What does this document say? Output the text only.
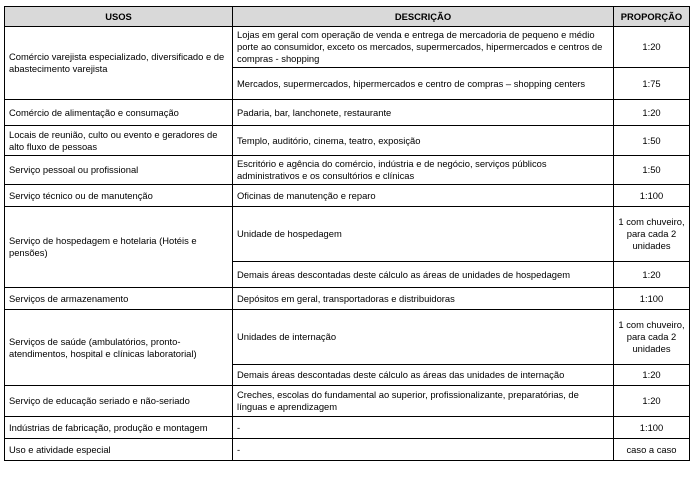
USOS	DESCRIÇÃO	PROPORÇÃO
Comércio varejista especializado, diversificado e de abastecimento varejista	Lojas em geral com operação de venda e entrega de mercadoria de pequeno e médio porte ao consumidor, exceto os mercados, supermercados, hipermercados e centros de compras - shopping	1:20
	Mercados, supermercados, hipermercados e centro de compras – shopping centers	1:75
Comércio de alimentação e consumação	Padaria, bar, lanchonete, restaurante	1:20
Locais de reunião, culto ou evento e geradores de alto fluxo de pessoas	Templo, auditório, cinema, teatro, exposição	1:50
Serviço pessoal ou profissional	Escritório e agência do comércio, indústria e de negócio, serviços públicos administrativos e os consultórios e clínicas	1:50
Serviço técnico ou de manutenção	Oficinas de manutenção e reparo	1:100
Serviço de hospedagem e hotelaria (Hotéis e pensões)	Unidade de hospedagem	1 com chuveiro, para cada 2 unidades
	Demais áreas descontadas deste cálculo as áreas de unidades de hospedagem	1:20
Serviços de armazenamento	Depósitos em geral, transportadoras e distribuidoras	1:100
Serviços de saúde (ambulatórios, pronto-atendimentos, hospital e clínicas laboratorial)	Unidades de internação	1 com chuveiro, para cada 2 unidades
	Demais áreas descontadas deste cálculo as áreas das unidades de internação	1:20
Serviço de educação seriado e não-seriado	Creches, escolas do fundamental ao superior, profissionalizante, preparatórias, de línguas e aprendizagem	1:20
Indústrias de fabricação, produção e montagem	-	1:100
Uso e atividade especial	-	caso a caso
